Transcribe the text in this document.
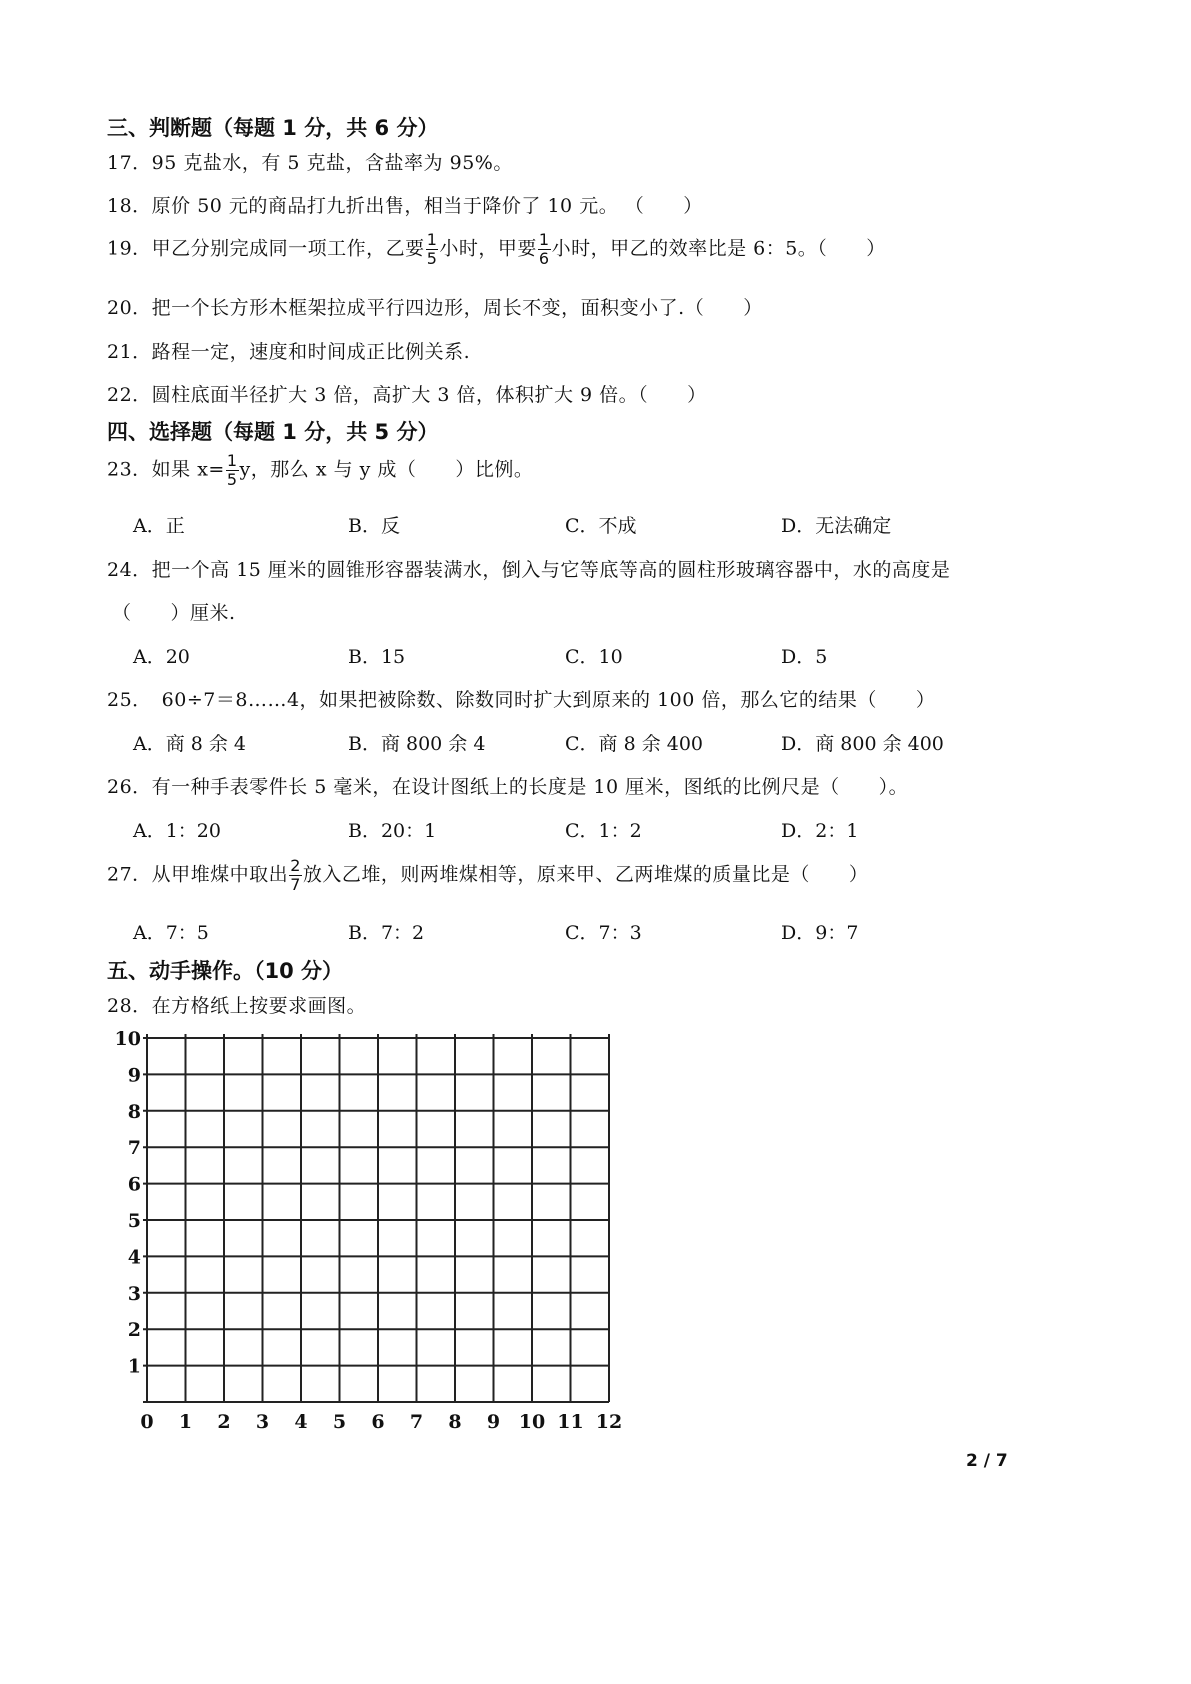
三、判断题（每题 1 分，共 6 分）
17．95 克盐水，有 5 克盐，含盐率为 95%。
18．原价 50 元的商品打九折出售，相当于降价了 10 元。 （　　）
19．甲乙分别完成同一项工作，乙要 $\frac{1}{5}$ 小时，甲要 $\frac{1}{6}$ 小时，甲乙的效率比是 6：5。（　　）
20．把一个长方形木框架拉成平行四边形，周长不变，面积变小了.（　　）
21．路程一定，速度和时间成正比例关系.
22．圆柱底面半径扩大 3 倍，高扩大 3 倍，体积扩大 9 倍。（　　）
四、选择题（每题 1 分，共 5 分）
23．如果 $x= \frac{1}{5}$ y，那么 x 与 y 成（　　）比例。
A．正	B．反	C．不成	D．无法确定
24．把一个高 15 厘米的圆锥形容器装满水，倒入与它等底等高的圆柱形玻璃容器中，水的高度是
（　　）厘米.
A．20	B．15	C．10	D．5
25．　60÷7＝8……4，如果把被除数、除数同时扩大到原来的 100 倍，那么它的结果（　　）
A．商 8 余 4	B．商 800 余 4	C．商 8 余 400	D．商 800 余 400
26．有一种手表零件长 5 毫米，在设计图纸上的长度是 10 厘米，图纸的比例尺是（　　）。
A．1：20	B．20：1	C．1：2	D．2：1
27．从甲堆煤中取出 $\frac{2}{7}$ 放入乙堆，则两堆煤相等，原来甲、乙两堆煤的质量比是（　　）
A．7：5	B．7：2	C．7：3	D．9：7
五、动手操作。（10 分）
28．在方格纸上按要求画图。
0 1 2 3 4 5 6 7 8 9 10 11 12
1
2
3
4
5
6
7
8
9
10
2 / 7
